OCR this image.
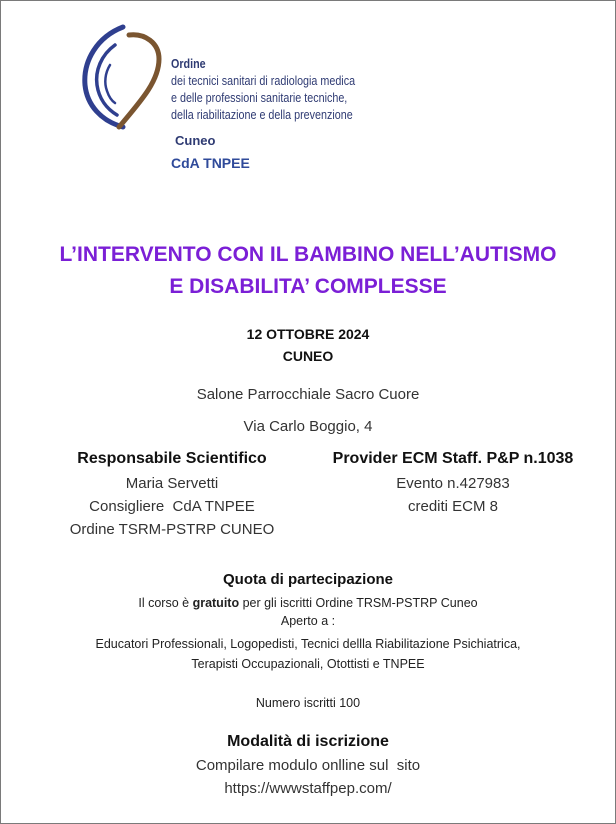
Ordine
dei tecnici sanitari di radiologia medica
e delle professioni sanitarie tecniche,
della riabilitazione e della prevenzione
Cuneo
CdA TNPEE
L’INTERVENTO CON IL BAMBINO NELL’AUTISMO
E DISABILITA’ COMPLESSE
12 OTTOBRE 2024
CUNEO
Salone Parrocchiale Sacro Cuore
Via Carlo Boggio, 4
Responsabile Scientifico
Maria Servetti
Consigliere  CdA TNPEE
Ordine TSRM-PSTRP CUNEO
Provider ECM Staff. P&P n.1038
Evento n.427983
crediti ECM 8
Quota di partecipazione
Il corso è gratuito per gli iscritti Ordine TRSM-PSTRP Cuneo
Aperto a :
Educatori Professionali, Logopedisti, Tecnici dellla Riabilitazione Psichiatrica,
Terapisti Occupazionali, Otottisti e TNPEE
Numero iscritti 100
Modalità di iscrizione
Compilare modulo onlline sul  sito
https://wwwstaffpep.com/
